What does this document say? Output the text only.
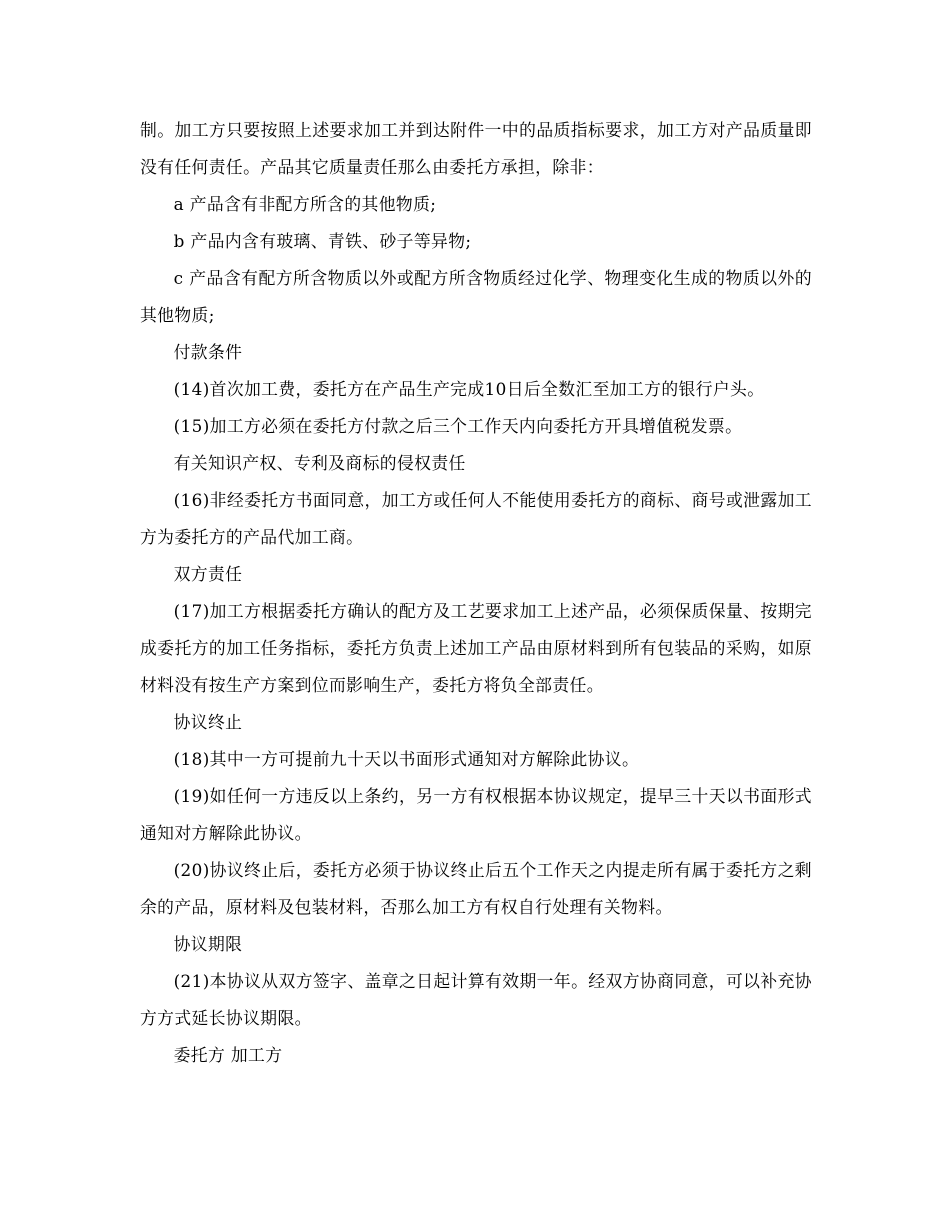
制。加工方只要按照上述要求加工并到达附件一中的品质指标要求，加工方对产品质量即没有任何责任。产品其它质量责任那么由委托方承担，除非：

a 产品含有非配方所含的其他物质;

b 产品内含有玻璃、青铁、砂子等异物;

c 产品含有配方所含物质以外或配方所含物质经过化学、物理变化生成的物质以外的其他物质;

付款条件

(14)首次加工费，委托方在产品生产完成10日后全数汇至加工方的银行户头。

(15)加工方必须在委托方付款之后三个工作天内向委托方开具增值税发票。

有关知识产权、专利及商标的侵权责任

(16)非经委托方书面同意，加工方或任何人不能使用委托方的商标、商号或泄露加工方为委托方的产品代加工商。

双方责任

(17)加工方根据委托方确认的配方及工艺要求加工上述产品，必须保质保量、按期完成委托方的加工任务指标，委托方负责上述加工产品由原材料到所有包装品的采购，如原材料没有按生产方案到位而影响生产，委托方将负全部责任。

协议终止

(18)其中一方可提前九十天以书面形式通知对方解除此协议。

(19)如任何一方违反以上条约，另一方有权根据本协议规定，提早三十天以书面形式通知对方解除此协议。

(20)协议终止后，委托方必须于协议终止后五个工作天之内提走所有属于委托方之剩余的产品，原材料及包装材料，否那么加工方有权自行处理有关物料。

协议期限

(21)本协议从双方签字、盖章之日起计算有效期一年。经双方协商同意，可以补充协方方式延长协议期限。

委托方 加工方
